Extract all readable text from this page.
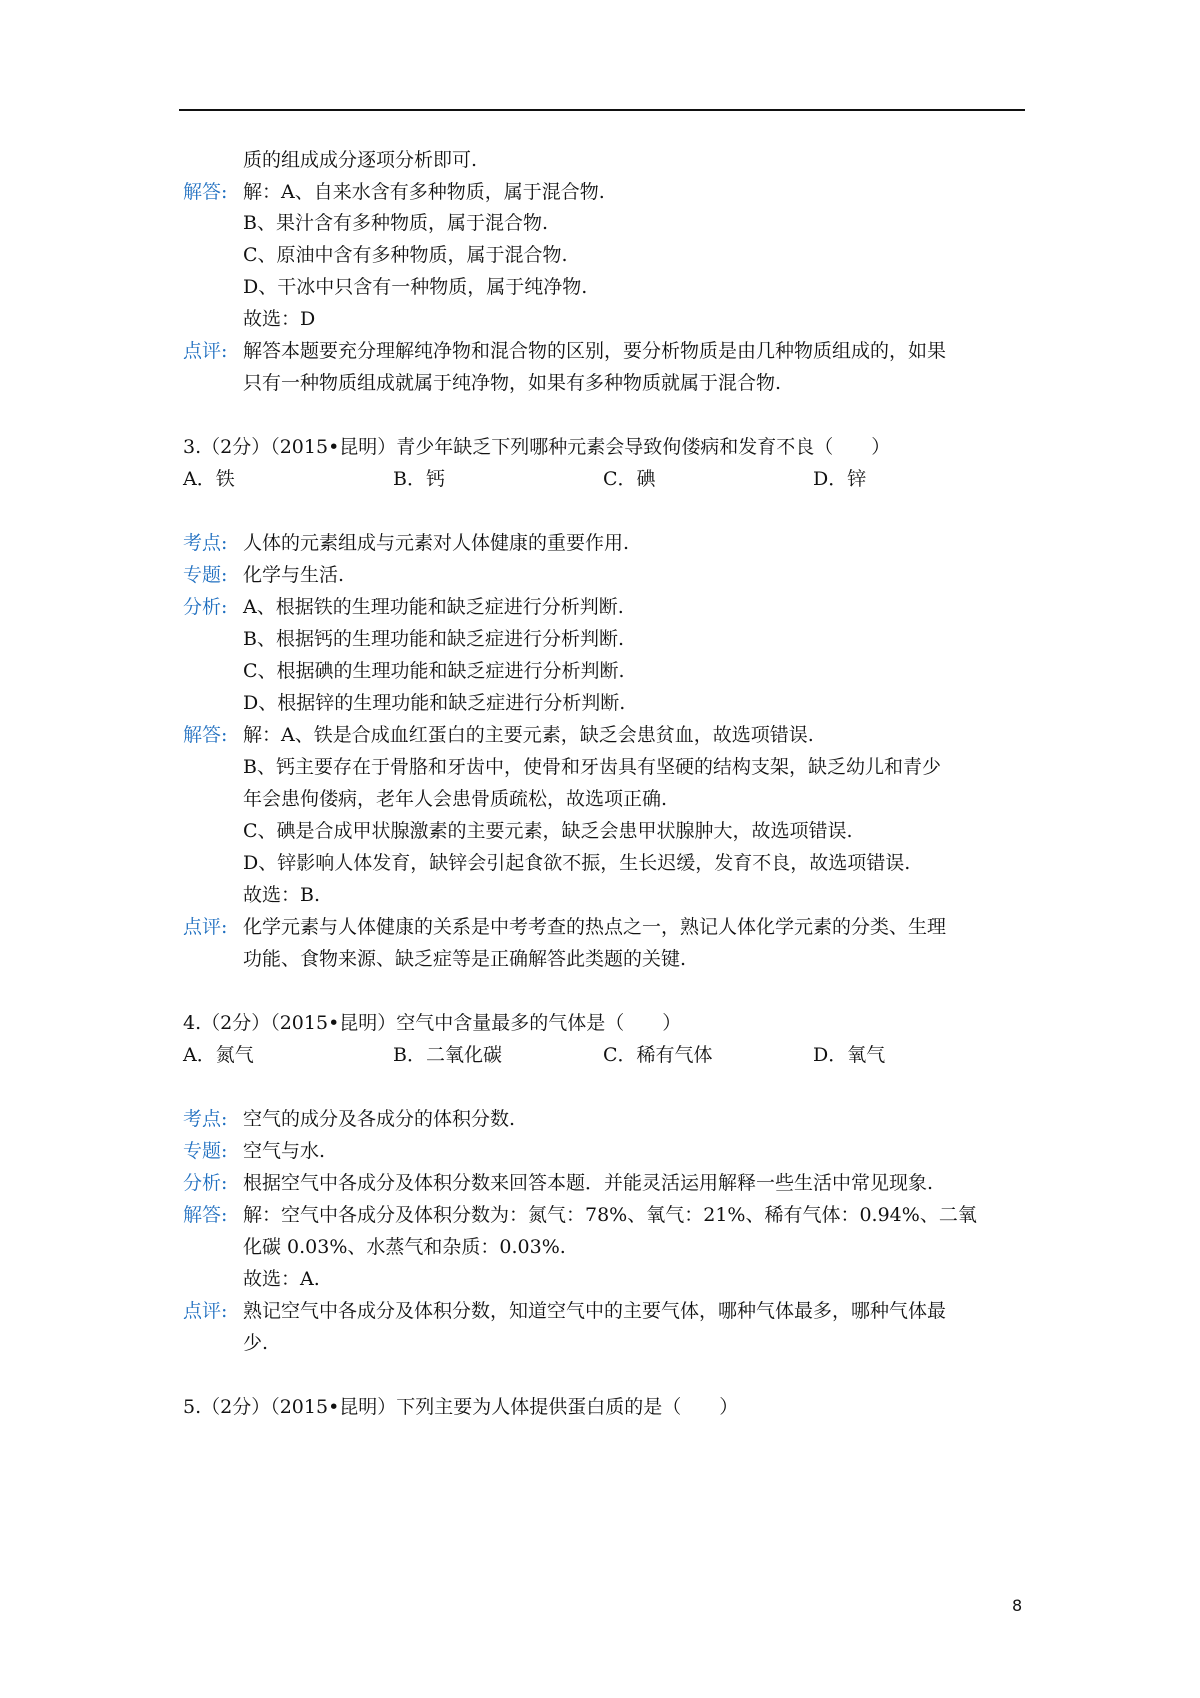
质的组成成分逐项分析即可.
解答: 解：A、自来水含有多种物质，属于混合物.
B、果汁含有多种物质，属于混合物.
C、原油中含有多种物质，属于混合物.
D、干冰中只含有一种物质，属于纯净物.
故选：D
点评: 解答本题要充分理解纯净物和混合物的区别，要分析物质是由几种物质组成的，如果
只有一种物质组成就属于纯净物，如果有多种物质就属于混合物.
3.（2分）（2015•昆明）青少年缺乏下列哪种元素会导致佝偻病和发育不良（　　）
A．铁	B．钙	C．碘	D．锌
考点: 人体的元素组成与元素对人体健康的重要作用.
专题: 化学与生活.
分析: A、根据铁的生理功能和缺乏症进行分析判断.
B、根据钙的生理功能和缺乏症进行分析判断.
C、根据碘的生理功能和缺乏症进行分析判断.
D、根据锌的生理功能和缺乏症进行分析判断.
解答: 解：A、铁是合成血红蛋白的主要元素，缺乏会患贫血，故选项错误.
B、钙主要存在于骨胳和牙齿中，使骨和牙齿具有坚硬的结构支架，缺乏幼儿和青少
年会患佝偻病，老年人会患骨质疏松，故选项正确.
C、碘是合成甲状腺激素的主要元素，缺乏会患甲状腺肿大，故选项错误.
D、锌影响人体发育，缺锌会引起食欲不振，生长迟缓，发育不良，故选项错误.
故选：B.
点评: 化学元素与人体健康的关系是中考考查的热点之一，熟记人体化学元素的分类、生理
功能、食物来源、缺乏症等是正确解答此类题的关键.
4.（2分）（2015•昆明）空气中含量最多的气体是（　　）
A．氮气	B．二氧化碳	C．稀有气体	D．氧气
考点: 空气的成分及各成分的体积分数.
专题: 空气与水.
分析: 根据空气中各成分及体积分数来回答本题．并能灵活运用解释一些生活中常见现象.
解答: 解：空气中各成分及体积分数为：氮气：78%、氧气：21%、稀有气体：0.94%、二氧
化碳 0.03%、水蒸气和杂质：0.03%.
故选：A.
点评: 熟记空气中各成分及体积分数，知道空气中的主要气体，哪种气体最多，哪种气体最
少.
5.（2分）（2015•昆明）下列主要为人体提供蛋白质的是（　　）
8
